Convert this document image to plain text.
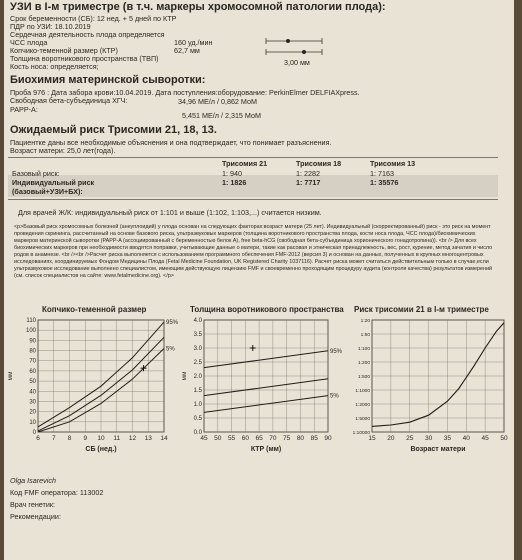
УЗИ в I-м триместре (в т.ч. маркеры хромосомной патологии плода):
Срок беременности (СБ): 12 нед. + 5 дней по КТР
ПДР по УЗИ: 18.10.2019
Сердечная деятельность плода определяется
ЧСС плода	160 уд./мин
Копчико-теменной размер (КТР)	62,7 мм
Толщина воротникового пространства (ТВП)	3,00 мм
Кость носа: определяется;
Биохимия материнской сыворотки:
Проба 976 : Дата забора крови:10.04.2019. Дата поступления:оборудование: PerkinElmer DELFIAXpress.
Свободная бета-субъединица ХГЧ:	34,96 МЕ/л / 0,862 МоМ
PAPP-A:
5,451 МЕ/л / 2,315 МоМ
Ожидаемый риск Трисомии 21, 18, 13.
Пациентке даны все необходимые объяснения и она подтверждает, что понимает разъяснения.
Возраст матери: 25,0 лет(года).
Трисомия 21	Трисомия 18	Трисомия 13
Базовый риск:	1: 940	1: 2282	1: 7163
Индивидуальный риск
(базовый+УЗИ+БХ):
1: 1826	1: 7717	1: 35576
Для врачей Ж/К: индивидуальный риск от 1:101 и выше (1:102, 1:103,...) считается низким.
<p>Базовый риск хромосомных болезней (анеуплоидий) у плода основан на следующих факторах:возраст матери (25 лет). Индивидуальный (скорректированный) риск - это риск на момент проведения скрининга, рассчитанный на основе базового риска, ультразвуковых маркеров (толщина воротникового пространства плода, кости носа плода, ЧСС плода)/биохимических маркеров материнской сыворотки (PAPP-A (ассоциированный с беременностью белок А), free beta-hCG (свободная бета-субъединица хорионического гонадотропина)). <br /> Для всех биохимических маркеров при необходимости вводятся поправки, учитывающие данные о матери, такие как расовая и этническая принадлежность, вес, рост, курение, метод зачатия и число родов в анамнезе. <br /><br />Расчет риска выполняется с использованием программного обеспечения FMF-2012 (версия 3) и основан на данных, полученных в крупных многоцентровых исследованиях, координируемых Фондом Медицины Плода (Fetal Medicine Foundation, UK Registered Charity 1037116). Расчет риска может считаться действительным только в случае,если ультразвуковое исследование выполнено специалистом, имеющим действующую лицензию FMF и своевременно проходящим процедуру аудита (контроля качества) результатов измерений (см. список специалистов на сайте: www.fetalmedicine.org). </p>
Копчико-теменной размер	Толщина воротникового пространства Риск трисомии 21 в I-м триместре
6 7 8 9 10 11 12 13 14
0
10
20
30
40
50
60
70
80
90
100
110	95%
5%
СБ (нед.)
мм
45 50 55 60 65 70 75 80 85 90
0.0
0.5
1.0
1.5
2.0
2.5
3.0
3.5
4.0
95%
5%
КТР (мм)
мм
15 20 25 30 35 40 45 50
1:20
1:50
1:100
1:200
1:500
1:1000
1:2000
1:5000
1:10000
Возраст матери
Olga Isarevich
Код FMF оператора: 113002
Врач генетик:
Рекомендации:
